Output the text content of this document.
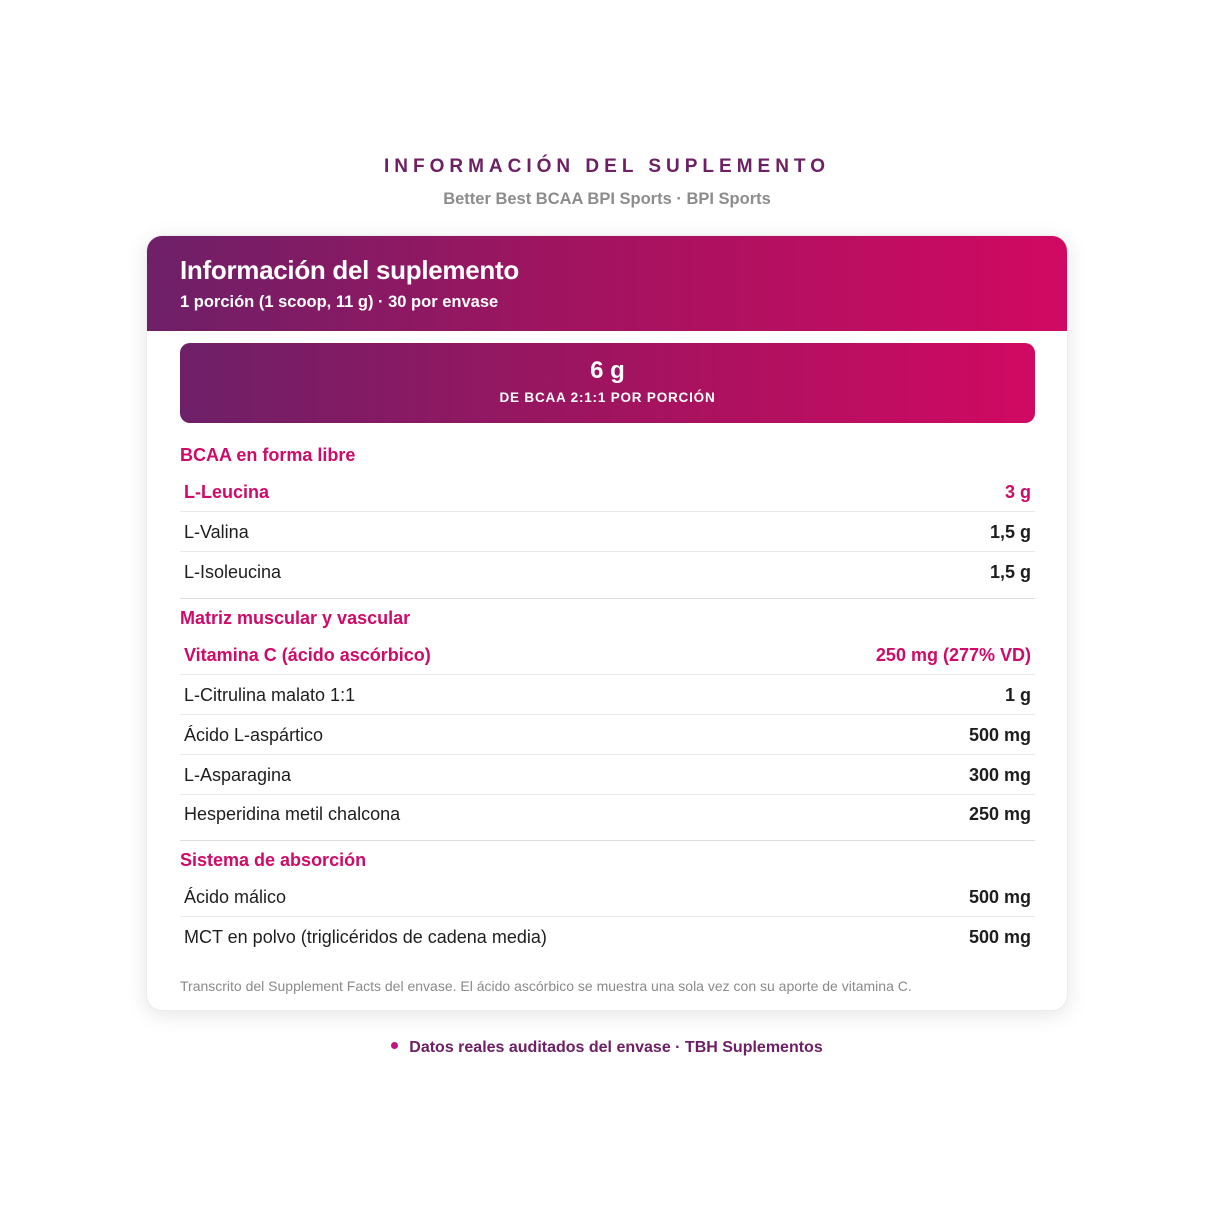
INFORMACIÓN DEL SUPLEMENTO
Better Best BCAA BPI Sports · BPI Sports
Información del suplemento
1 porción (1 scoop, 11 g) · 30 por envase
6 g
DE BCAA 2:1:1 POR PORCIÓN
BCAA en forma libre
L-Leucina	3 g
L-Valina	1,5 g
L-Isoleucina	1,5 g
Matriz muscular y vascular
Vitamina C (ácido ascórbico)	250 mg (277% VD)
L-Citrulina malato 1:1	1 g
Ácido L-aspártico	500 mg
L-Asparagina	300 mg
Hesperidina metil chalcona	250 mg
Sistema de absorción
Ácido málico	500 mg
MCT en polvo (triglicéridos de cadena media)	500 mg
Transcrito del Supplement Facts del envase. El ácido ascórbico se muestra una sola vez con su aporte de vitamina C.
Datos reales auditados del envase · TBH Suplementos
